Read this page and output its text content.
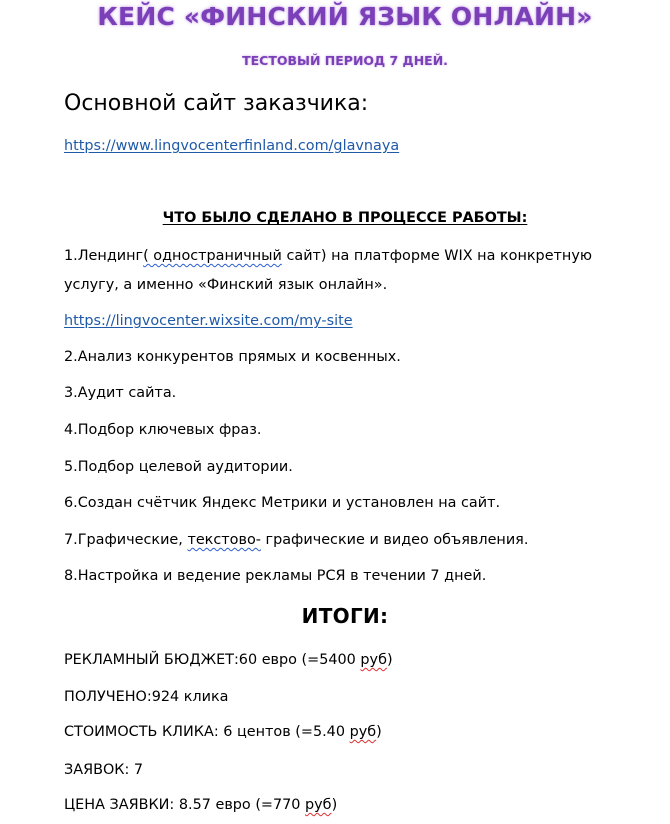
КЕЙС «ФИНСКИЙ ЯЗЫК ОНЛАЙН»
ТЕСТОВЫЙ ПЕРИОД 7 ДНЕЙ.
Основной сайт заказчика:
https://www.lingvocenterfinland.com/glavnaya
ЧТО БЫЛО СДЕЛАНО В ПРОЦЕССЕ РАБОТЫ:
1.Лендинг( одностраничный сайт) на платформе WIX на конкретную
услугу, а именно «Финский язык онлайн».
https://lingvocenter.wixsite.com/my-site
2.Анализ конкурентов прямых и косвенных.
3.Аудит сайта.
4.Подбор ключевых фраз.
5.Подбор целевой аудитории.
6.Создан счётчик Яндекс Метрики и установлен на сайт.
7.Графические, текстово- графические и видео объявления.
8.Настройка и ведение рекламы РСЯ в течении 7 дней.
ИТОГИ:
РЕКЛАМНЫЙ БЮДЖЕТ:60 евро (=5400 руб)
ПОЛУЧЕНО:924 клика
СТОИМОСТЬ КЛИКА: 6 центов (=5.40 руб)
ЗАЯВОК: 7
ЦЕНА ЗАЯВКИ: 8.57 евро (=770 руб)
